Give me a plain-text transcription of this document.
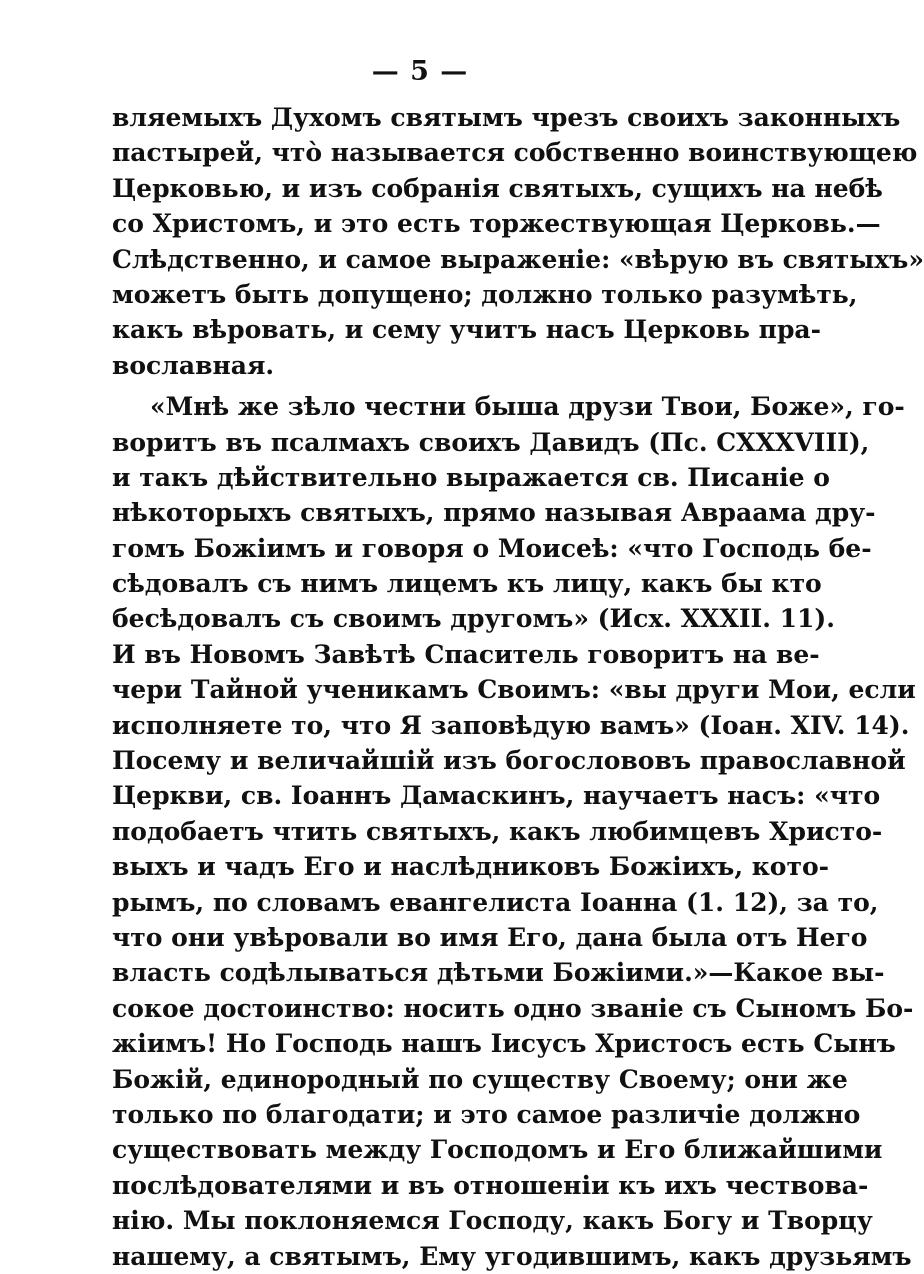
— 5 —
вляемыхъ Духомъ святымъ чрезъ своихъ законныхъ
пастырей, чтò называется собственно воинствующею
Церковью, и изъ собранія святыхъ, сущихъ на небѣ
со Христомъ, и это есть торжествующая Церковь.—
Слѣдственно, и самое выраженіе: «вѣрую въ святыхъ»
можетъ быть допущено; должно только разумѣть,
какъ вѣровать, и сему учитъ насъ Церковь пра-
вославная.
«Мнѣ же зѣло честни быша друзи Твои, Боже», го-
воритъ въ псалмахъ своихъ Давидъ (Пс. CXXXVIII),
и такъ дѣйствительно выражается св. Писаніе о
нѣкоторыхъ святыхъ, прямо называя Авраама дру-
гомъ Божіимъ и говоря о Моисеѣ: «что Господь бе-
сѣдовалъ съ нимъ лицемъ къ лицу, какъ бы кто
бесѣдовалъ съ своимъ другомъ» (Исх. XXXII. 11).
И въ Новомъ Завѣтѣ Спаситель говоритъ на ве-
чери Тайной ученикамъ Своимъ: «вы други Мои, если
исполняете то, что Я заповѣдую вамъ» (Іоан. XIV. 14).
Посему и величайшій изъ богослововъ православной
Церкви, св. Іоаннъ Дамаскинъ, научаетъ насъ: «что
подобаетъ чтить святыхъ, какъ любимцевъ Христо-
выхъ и чадъ Его и наслѣдниковъ Божіихъ, кото-
рымъ, по словамъ евангелиста Іоанна (1. 12), за то,
что они увѣровали во имя Его, дана была отъ Него
власть содѣлываться дѣтьми Божіими.»—Какое вы-
сокое достоинство: носить одно званіе съ Сыномъ Бо-
жіимъ! Но Господь нашъ Іисусъ Христосъ есть Сынъ
Божій, единородный по существу Своему; они же
только по благодати; и это самое различіе должно
существовать между Господомъ и Его ближайшими
послѣдователями и въ отношеніи къ ихъ чествова-
нію. Мы поклоняемся Господу, какъ Богу и Творцу
нашему, а святымъ, Ему угодившимъ, какъ друзьямъ
